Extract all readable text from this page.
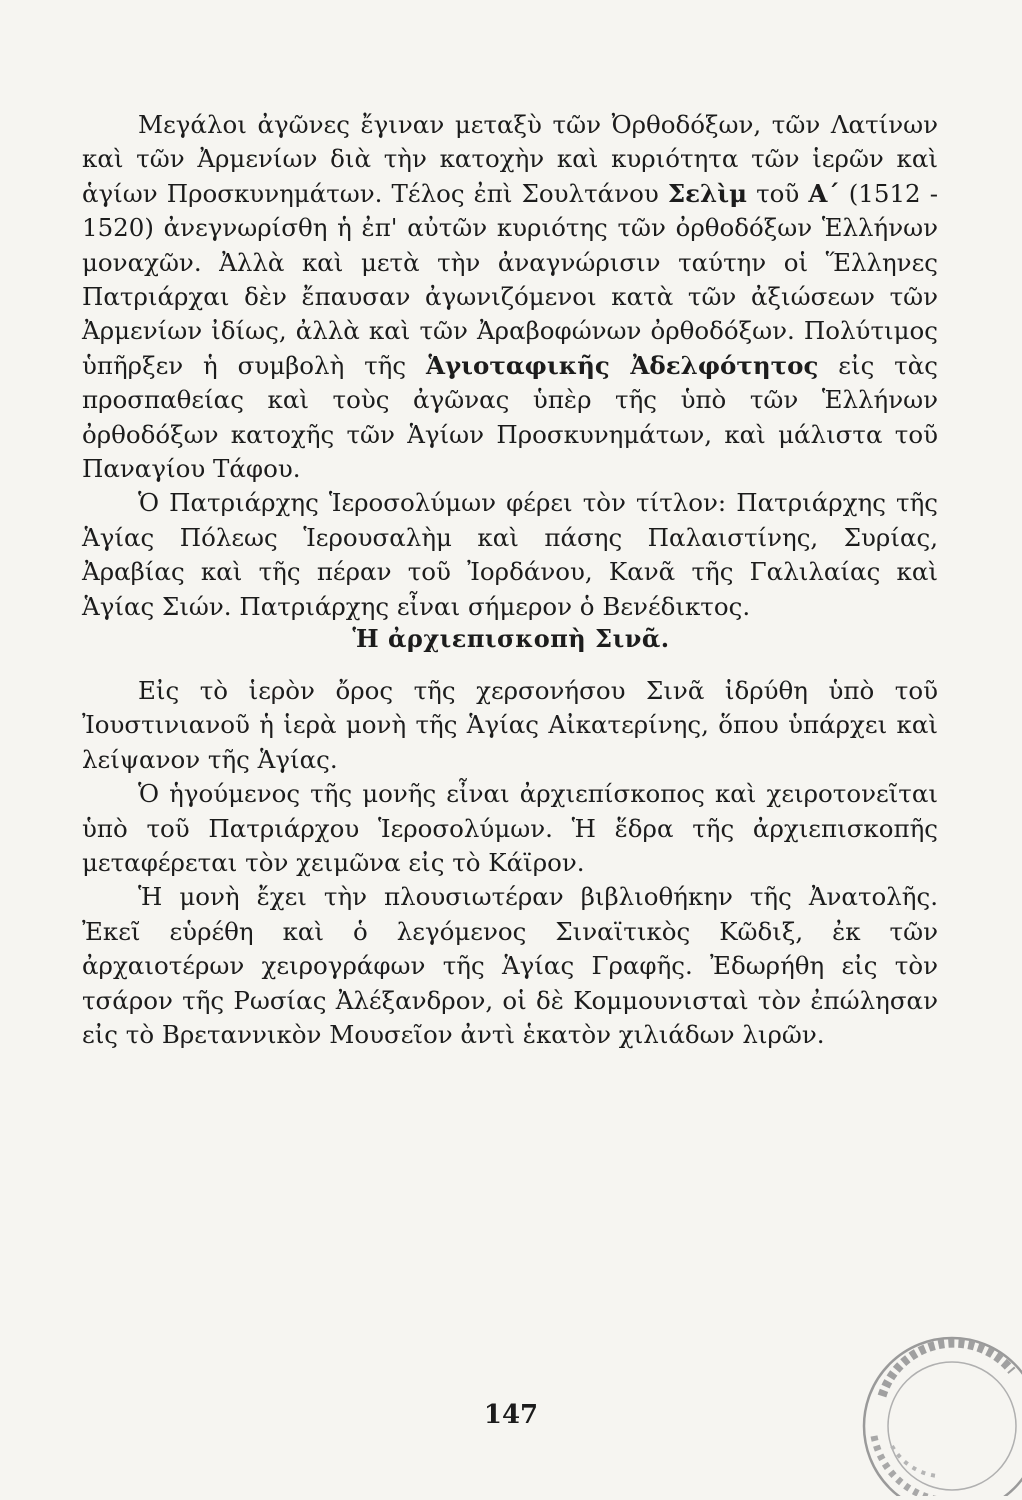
Μεγάλοι ἀγῶνες ἔγιναν μεταξὺ τῶν Ὀρθοδόξων, τῶν Λατίνων καὶ τῶν Ἀρμενίων διὰ τὴν κατοχὴν καὶ κυριότητα τῶν ἱερῶν καὶ ἁγίων Προσκυνημάτων. Τέλος ἐπὶ Σουλτάνου Σελὶμ τοῦ Α΄ (1512 - 1520) ἀνεγνωρίσθη ἡ ἐπ' αὐτῶν κυριότης τῶν ὀρθοδόξων Ἑλλήνων μοναχῶν. Ἀλλὰ καὶ μετὰ τὴν ἀναγνώρισιν ταύτην οἱ Ἕλληνες Πατριάρχαι δὲν ἔπαυσαν ἀγωνιζόμενοι κατὰ τῶν ἀξιώσεων τῶν Ἀρμενίων ἰδίως, ἀλλὰ καὶ τῶν Ἀραβοφώνων ὀρθοδόξων. Πολύτιμος ὑπῆρξεν ἡ συμβολὴ τῆς Ἁγιοταφικῆς Ἀδελφότητος εἰς τὰς προσπαθείας καὶ τοὺς ἀγῶνας ὑπὲρ τῆς ὑπὸ τῶν Ἑλλήνων ὀρθοδόξων κατοχῆς τῶν Ἁγίων Προσκυνημάτων, καὶ μάλιστα τοῦ Παναγίου Τάφου.

Ὁ Πατριάρχης Ἱεροσολύμων φέρει τὸν τίτλον: Πατριάρχης τῆς Ἁγίας Πόλεως Ἱερουσαλὴμ καὶ πάσης Παλαιστίνης, Συρίας, Ἀραβίας καὶ τῆς πέραν τοῦ Ἰορδάνου, Κανᾶ τῆς Γαλιλαίας καὶ Ἁγίας Σιών. Πατριάρχης εἶναι σήμερον ὁ Βενέδικτος.

Ἡ ἀρχιεπισκοπὴ Σινᾶ.

Εἰς τὸ ἱερὸν ὄρος τῆς χερσονήσου Σινᾶ ἱδρύθη ὑπὸ τοῦ Ἰουστινιανοῦ ἡ ἱερὰ μονὴ τῆς Ἁγίας Αἰκατερίνης, ὅπου ὑπάρχει καὶ λείψανον τῆς Ἁγίας.

Ὁ ἡγούμενος τῆς μονῆς εἶναι ἀρχιεπίσκοπος καὶ χειροτονεῖται ὑπὸ τοῦ Πατριάρχου Ἱεροσολύμων. Ἡ ἕδρα τῆς ἀρχιεπισκοπῆς μεταφέρεται τὸν χειμῶνα εἰς τὸ Κάϊρον.

Ἡ μονὴ ἔχει τὴν πλουσιωτέραν βιβλιοθήκην τῆς Ἀνατολῆς. Ἐκεῖ εὑρέθη καὶ ὁ λεγόμενος Σιναϊτικὸς Κῶδιξ, ἐκ τῶν ἀρχαιοτέρων χειρογράφων τῆς Ἁγίας Γραφῆς. Ἐδωρήθη εἰς τὸν τσάρον τῆς Ρωσίας Ἀλέξανδρον, οἱ δὲ Κομμουνισταὶ τὸν ἐπώλησαν εἰς τὸ Βρεταννικὸν Μουσεῖον ἀντὶ ἑκατὸν χιλιάδων λιρῶν.

147
